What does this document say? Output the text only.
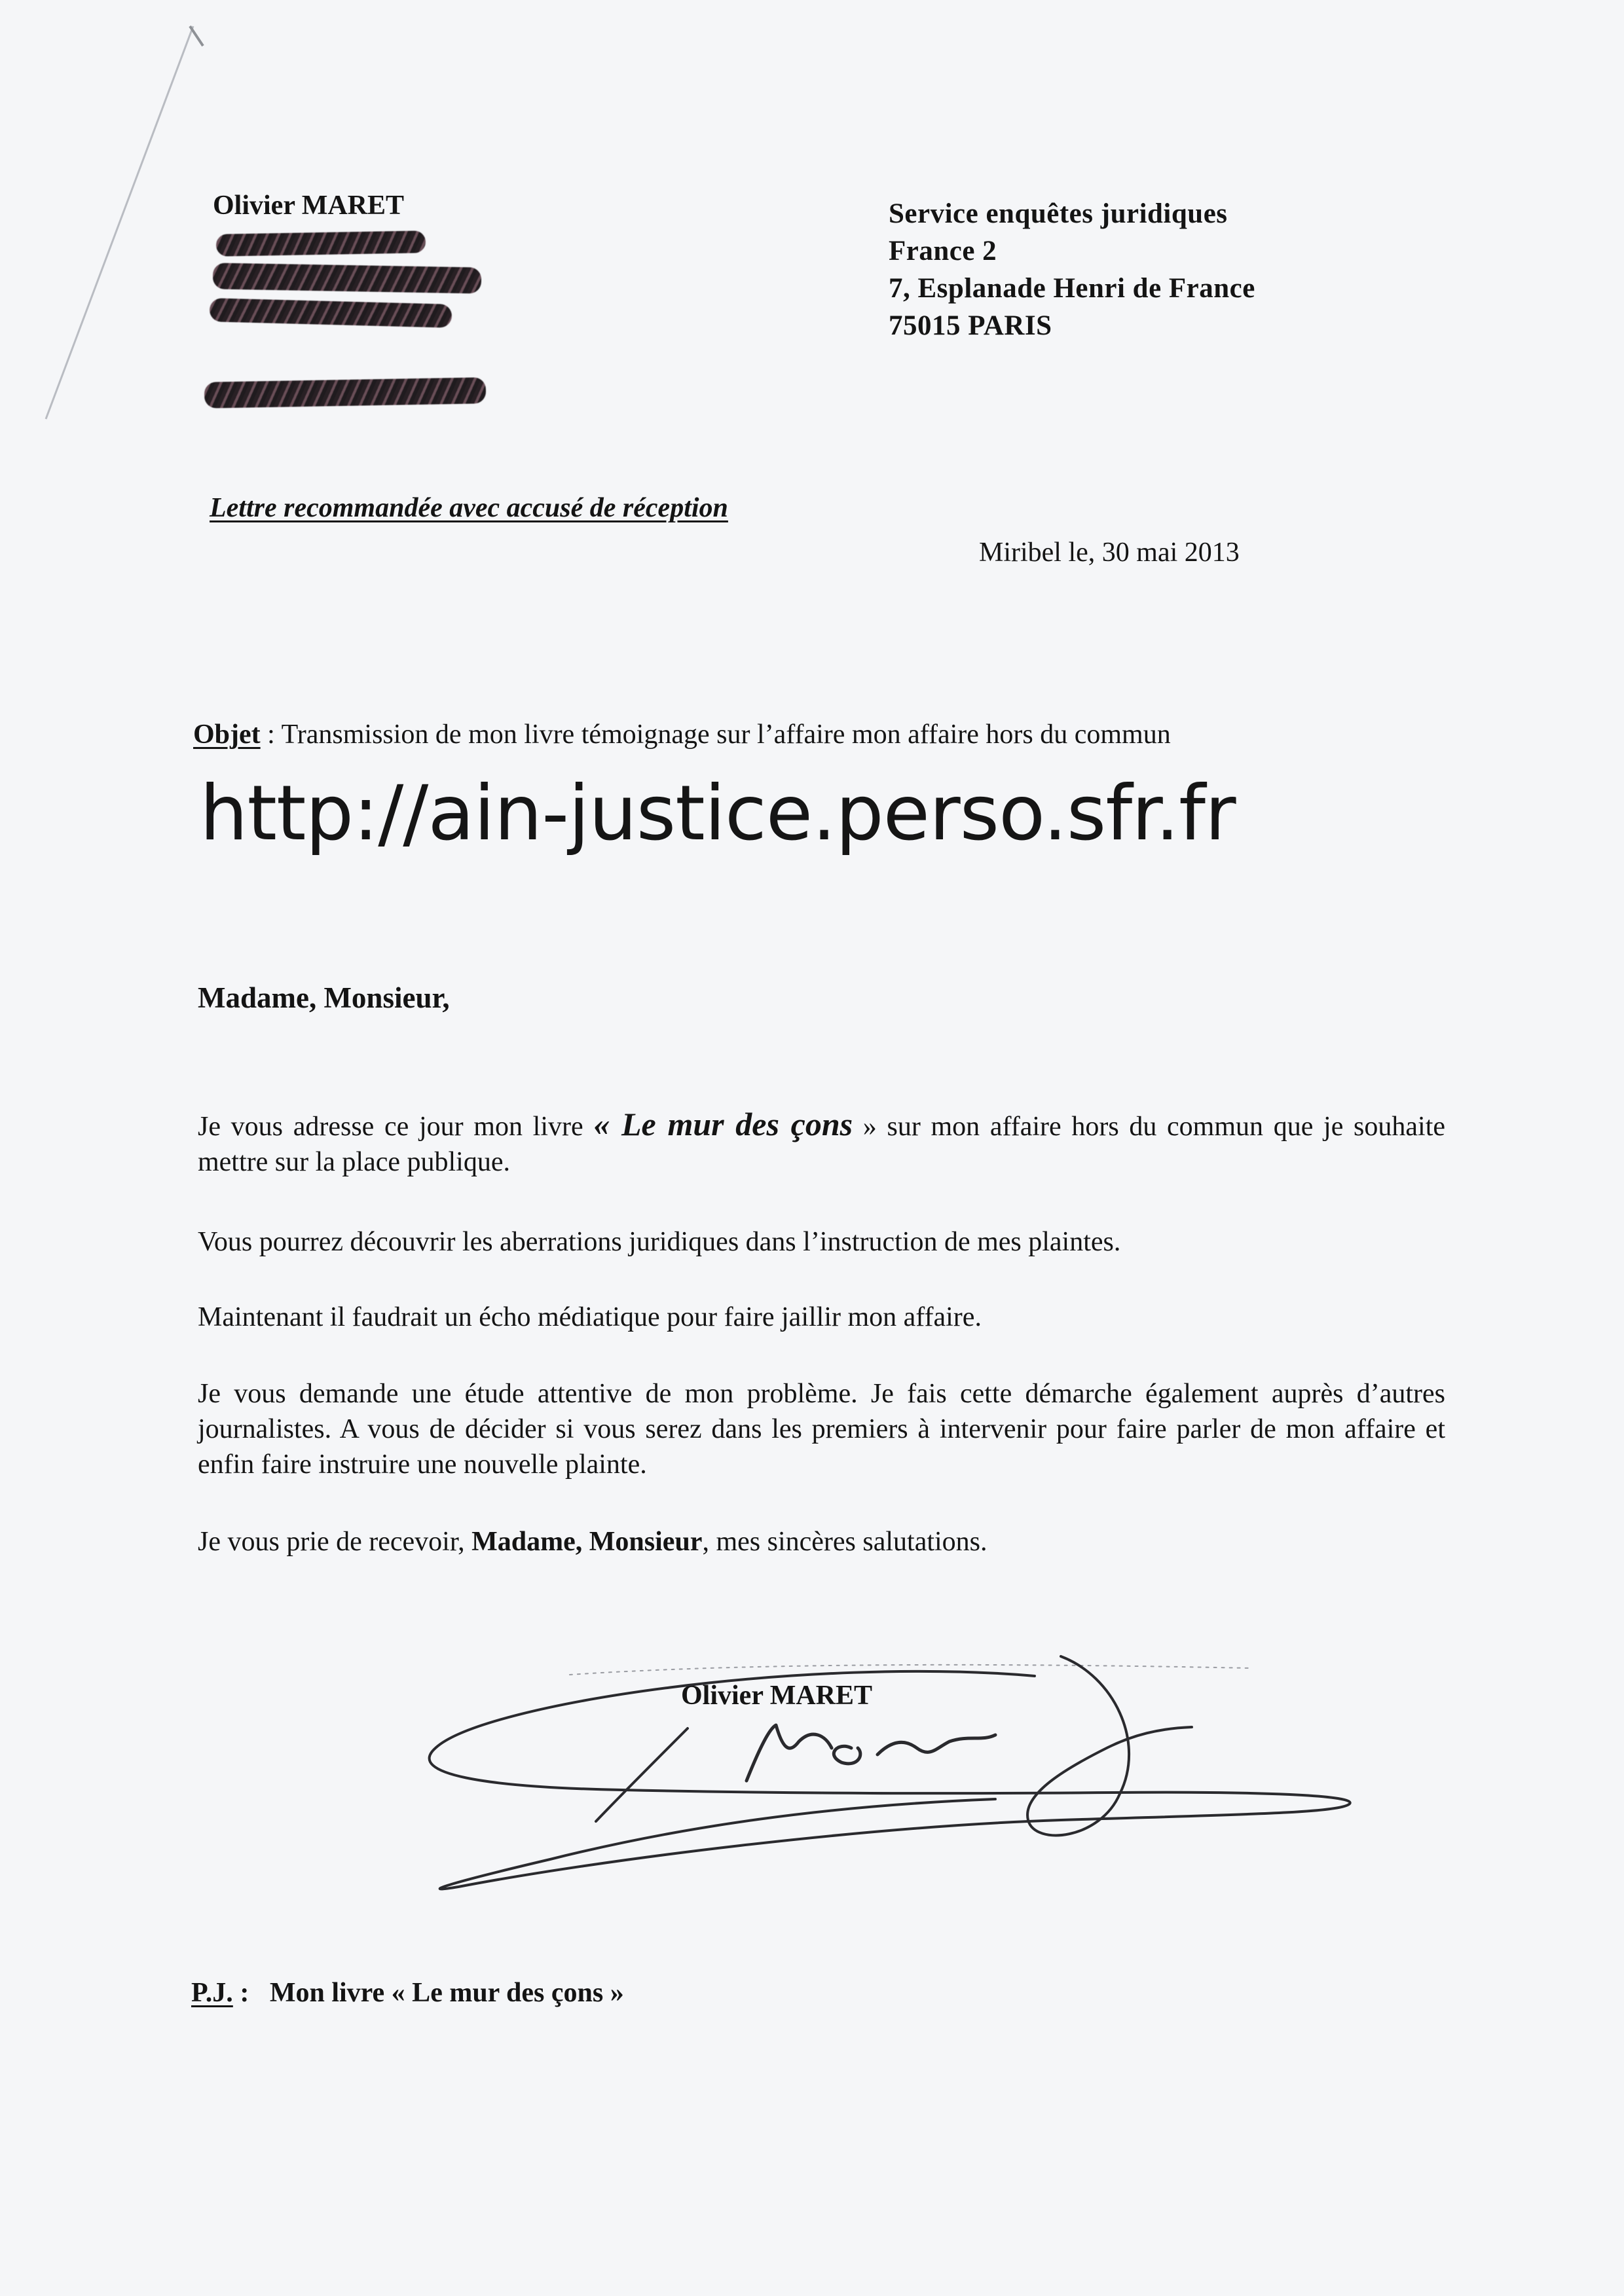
Olivier MARET	Service enquêtes juridiques
France 2
7, Esplanade Henri de France
75015 PARIS
Lettre recommandée avec accusé de réception
Miribel le, 30 mai 2013
Objet : Transmission de mon livre témoignage sur l’affaire mon affaire hors du commun
http://ain-justice.perso.sfr.fr
Madame, Monsieur,
Je vous adresse ce jour mon livre « Le mur des çons » sur mon affaire hors du commun que je souhaite mettre sur la place publique.
Vous pourrez découvrir les aberrations juridiques dans l’instruction de mes plaintes.
Maintenant il faudrait un écho médiatique pour faire jaillir mon affaire.
Je vous demande une étude attentive de mon problème. Je fais cette démarche également auprès d’autres journalistes. A vous de décider si vous serez dans les premiers à intervenir pour faire parler de mon affaire et enfin faire instruire une nouvelle plainte.
Je vous prie de recevoir, Madame, Monsieur, mes sincères salutations.
Olivier MARET
P.J. :   Mon livre « Le mur des çons »
